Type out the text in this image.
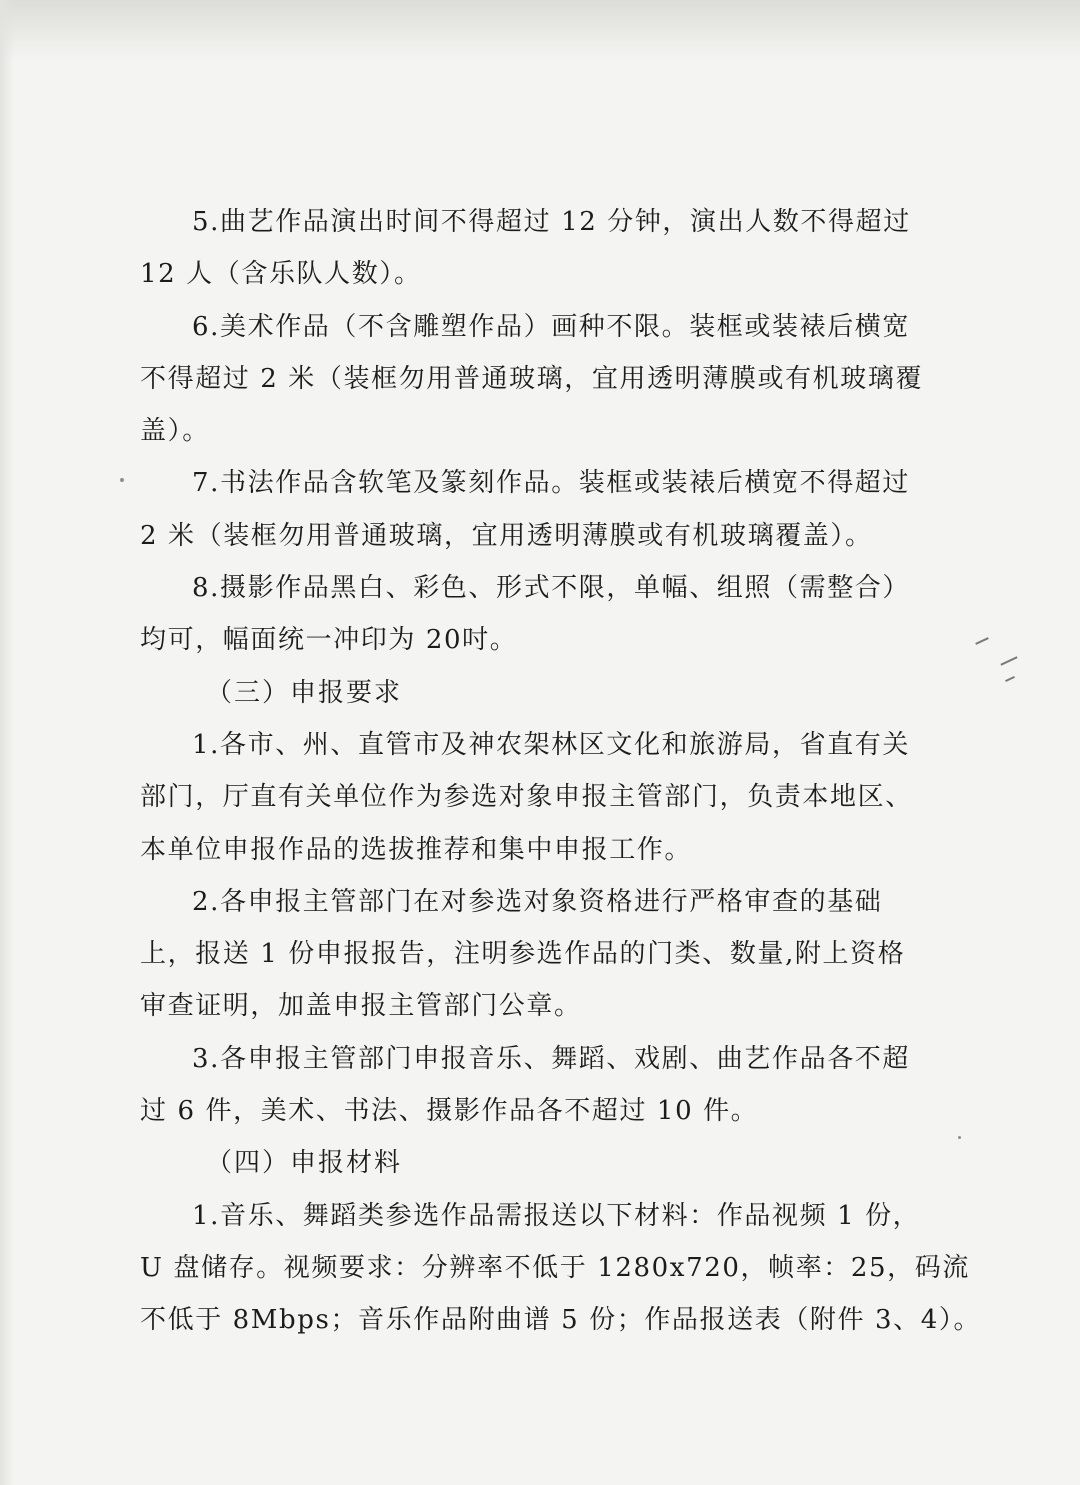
5.曲艺作品演出时间不得超过 12 分钟，演出人数不得超过
12 人（含乐队人数）。
6.美术作品（不含雕塑作品）画种不限。装框或装裱后横宽
不得超过 2 米（装框勿用普通玻璃，宜用透明薄膜或有机玻璃覆
盖）。
7.书法作品含软笔及篆刻作品。装框或装裱后横宽不得超过
2 米（装框勿用普通玻璃，宜用透明薄膜或有机玻璃覆盖）。
8.摄影作品黑白、彩色、形式不限，单幅、组照（需整合）
均可，幅面统一冲印为 20吋。
（三）申报要求
1.各市、州、直管市及神农架林区文化和旅游局，省直有关
部门，厅直有关单位作为参选对象申报主管部门，负责本地区、
本单位申报作品的选拔推荐和集中申报工作。
2.各申报主管部门在对参选对象资格进行严格审查的基础
上，报送 1 份申报报告，注明参选作品的门类、数量,附上资格
审查证明，加盖申报主管部门公章。
3.各申报主管部门申报音乐、舞蹈、戏剧、曲艺作品各不超
过 6 件，美术、书法、摄影作品各不超过 10 件。
（四）申报材料
1.音乐、舞蹈类参选作品需报送以下材料：作品视频 1 份，
U 盘储存。视频要求：分辨率不低于 1280x720，帧率：25，码流
不低于 8Mbps；音乐作品附曲谱 5 份；作品报送表（附件 3、4）。
